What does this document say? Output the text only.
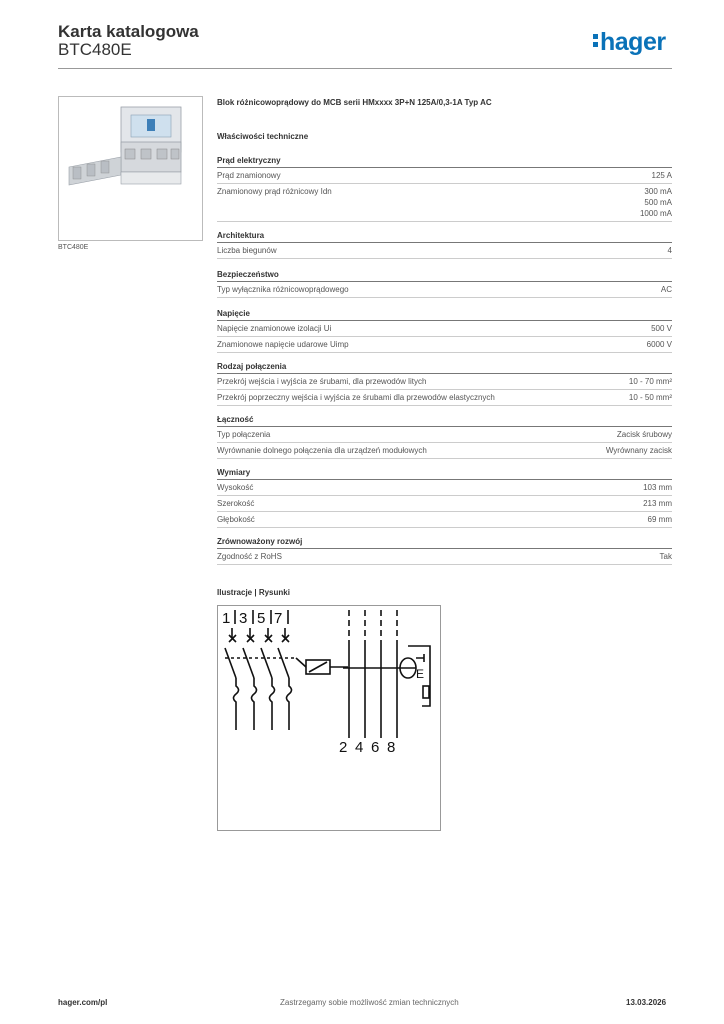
Karta katalogowa
BTC480E	hager
BTC480E
Blok różnicowoprądowy do MCB serii HMxxxx 3P+N 125A/0,3-1A Typ AC
Właściwości techniczne
Prąd elektryczny
Prąd znamionowy	125 A
Znamionowy prąd różnicowy Idn	300 mA
500 mA
1000 mA
Architektura
Liczba biegunów	4
Bezpieczeństwo
Typ wyłącznika różnicowoprądowego	AC
Napięcie
Napięcie znamionowe izolacji Ui	500 V
Znamionowe napięcie udarowe Uimp	6000 V
Rodzaj połączenia
Przekrój wejścia i wyjścia ze śrubami, dla przewodów litych	10 - 70 mm²
Przekrój poprzeczny wejścia i wyjścia ze śrubami dla przewodów elastycznych	10 - 50 mm²
Łączność
Typ połączenia	Zacisk śrubowy
Wyrównanie dolnego połączenia dla urządzeń modułowych	Wyrównany zacisk
Wymiary
Wysokość	103 mm
Szerokość	213 mm
Głębokość	69 mm
Zrównoważony rozwój
Zgodność z RoHS	Tak
Ilustracje | Rysunki
1 3 5 7
E
2 4 6 8
hager.com/pl	Zastrzegamy sobie możliwość zmian technicznych	13.03.2026
